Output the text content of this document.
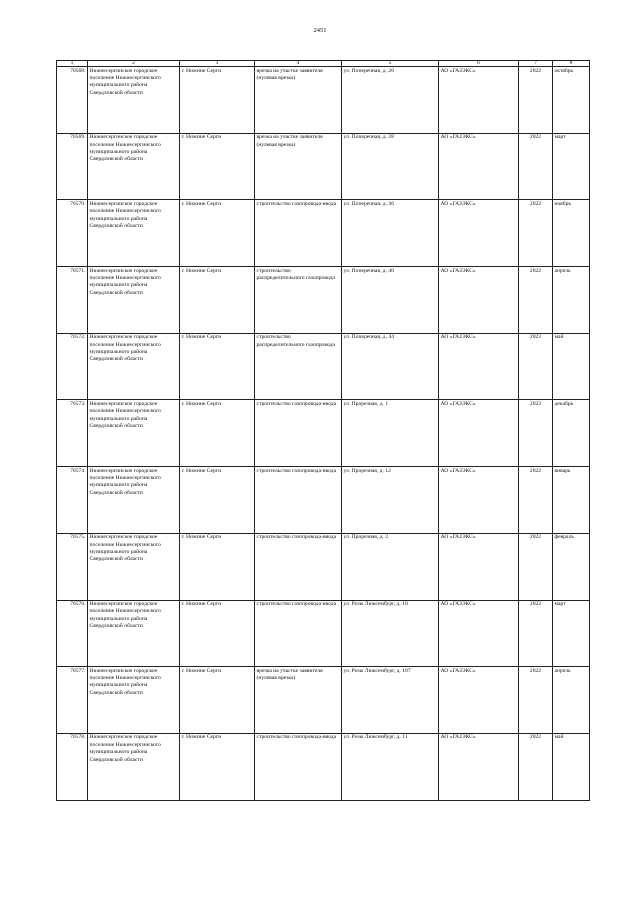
2451
1	2	3	4	5	6	7	8
70568.	Нижнесергинское городское поселение Нижнесергинского муниципального района Свердловской области	г. Нижние Серги	врезка на участке заявителя (нулевая врезка)	ул. Поперечная, д. 26	АО «ГАЗЭКС»	2022	октябрь
70569.	Нижнесергинское городское поселение Нижнесергинского муниципального района Свердловской области	г. Нижние Серги	врезка на участке заявителя (нулевая врезка)	ул. Поперечная, д. 28	АО «ГАЗЭКС»	2022	март
70570.	Нижнесергинское городское поселение Нижнесергинского муниципального района Свердловской области	г. Нижние Серги	строительство газопровода-ввода	ул. Поперечная, д. 36	АО «ГАЗЭКС»	2022	ноябрь
70571.	Нижнесергинское городское поселение Нижнесергинского муниципального района Свердловской области	г. Нижние Серги	строительство распределительного газопровода	ул. Поперечная, д. 40	АО «ГАЗЭКС»	2022	апрель
70572.	Нижнесергинское городское поселение Нижнесергинского муниципального района Свердловской области	г. Нижние Серги	строительство распределительного газопровода	ул. Поперечная, д. 44	АО «ГАЗЭКС»	2023	май
70573.	Нижнесергинское городское поселение Нижнесергинского муниципального района Свердловской области	г. Нижние Серги	строительство газопровода-ввода	ул. Прорезная, д. 1	АО «ГАЗЭКС»	2023	декабрь
70574.	Нижнесергинское городское поселение Нижнесергинского муниципального района Свердловской области	г. Нижние Серги	строительство газопровода-ввода	ул. Прорезная, д. 12	АО «ГАЗЭКС»	2022	январь
70575.	Нижнесергинское городское поселение Нижнесергинского муниципального района Свердловской области	г. Нижние Серги	строительство газопровода-ввода	ул. Прорезная, д. 2	АО «ГАЗЭКС»	2022	февраль
70576.	Нижнесергинское городское поселение Нижнесергинского муниципального района Свердловской области	г. Нижние Серги	строительство газопровода-ввода	ул. Розы Люксембург, д. 10	АО «ГАЗЭКС»	2022	март
70577.	Нижнесергинское городское поселение Нижнесергинского муниципального района Свердловской области	г. Нижние Серги	врезка на участке заявителя (нулевая врезка)	ул. Розы Люксембург, д. 107	АО «ГАЗЭКС»	2022	апрель
70578.	Нижнесергинское городское поселение Нижнесергинского муниципального района Свердловской области	г. Нижние Серги	строительство газопровода-ввода	ул. Розы Люксембург, д. 11	АО «ГАЗЭКС»	2022	май
